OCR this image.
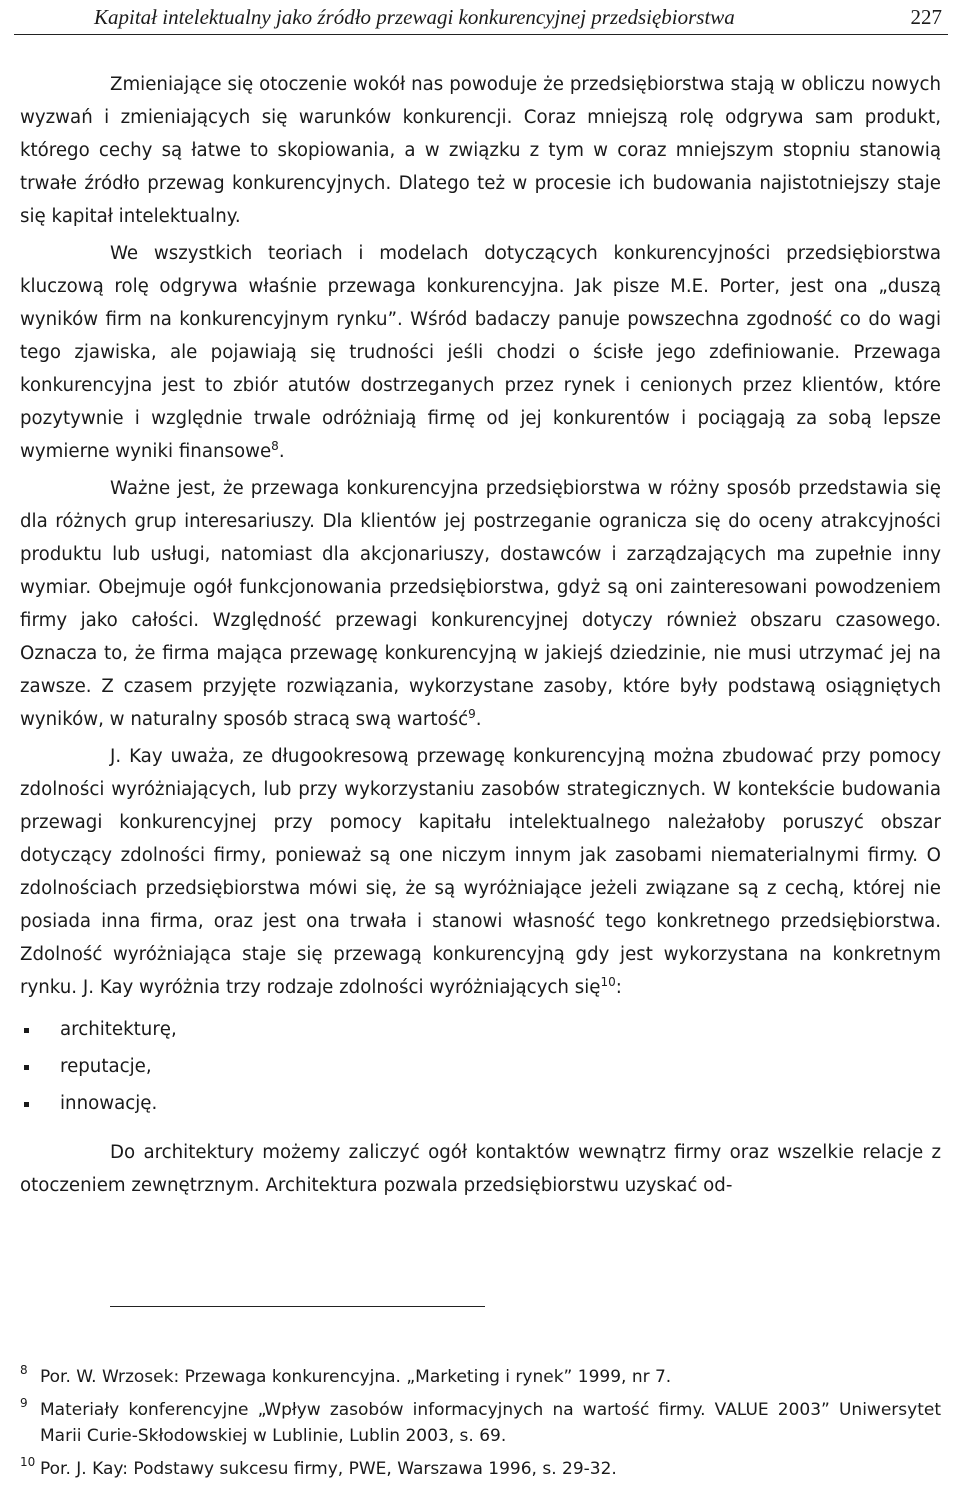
Kapitał intelektualny jako źródło przewagi konkurencyjnej przedsiębiorstwa	227

Zmieniające się otoczenie wokół nas powoduje że przedsiębiorstwa stają w obliczu nowych wyzwań i zmieniających się warunków konkurencji. Coraz mniejszą rolę odgrywa sam produkt, którego cechy są łatwe to skopiowania, a w związku z tym w coraz mniejszym stopniu stanowią trwałe źródło przewag konkurencyjnych. Dlatego też w procesie ich budowania najistotniejszy staje się kapitał intelektualny.

We wszystkich teoriach i modelach dotyczących konkurencyjności przedsiębiorstwa kluczową rolę odgrywa właśnie przewaga konkurencyjna. Jak pisze M.E. Porter, jest ona „duszą wyników firm na konkurencyjnym rynku”. Wśród badaczy panuje powszechna zgodność co do wagi tego zjawiska, ale pojawiają się trudności jeśli chodzi o ścisłe jego zdefiniowanie. Przewaga konkurencyjna jest to zbiór atutów dostrzeganych przez rynek i cenionych przez klientów, które pozytywnie i względnie trwale odróżniają firmę od jej konkurentów i pociągają za sobą lepsze wymierne wyniki finansowe$^8$.

Ważne jest, że przewaga konkurencyjna przedsiębiorstwa w różny sposób przedstawia się dla różnych grup interesariuszy. Dla klientów jej postrzeganie ogranicza się do oceny atrakcyjności produktu lub usługi, natomiast dla akcjonariuszy, dostawców i zarządzających ma zupełnie inny wymiar. Obejmuje ogół funkcjonowania przedsiębiorstwa, gdyż są oni zainteresowani powodzeniem firmy jako całości. Względność przewagi konkurencyjnej dotyczy również obszaru czasowego. Oznacza to, że firma mająca przewagę konkurencyjną w jakiejś dziedzinie, nie musi utrzymać jej na zawsze. Z czasem przyjęte rozwiązania, wykorzystane zasoby, które były podstawą osiągniętych wyników, w naturalny sposób stracą swą wartość$^9$.

J. Kay uważa, ze długookresową przewagę konkurencyjną można zbudować przy pomocy zdolności wyróżniających, lub przy wykorzystaniu zasobów strategicznych. W kontekście budowania przewagi konkurencyjnej przy pomocy kapitału intelektualnego należałoby poruszyć obszar dotyczący zdolności firmy, ponieważ są one niczym innym jak zasobami niematerialnymi firmy. O zdolnościach przedsiębiorstwa mówi się, że są wyróżniające jeżeli związane są z cechą, której nie posiada inna firma, oraz jest ona trwała i stanowi własność tego konkretnego przedsiębiorstwa. Zdolność wyróżniająca staje się przewagą konkurencyjną gdy jest wykorzystana na konkretnym rynku. J. Kay wyróżnia trzy rodzaje zdolności wyróżniających się$^{10}$:

architekturę,
reputacje,
innowację.

Do architektury możemy zaliczyć ogół kontaktów wewnątrz firmy oraz wszelkie relacje z otoczeniem zewnętrznym. Architektura pozwala przedsiębiorstwu uzyskać od-

8 Por. W. Wrzosek: Przewaga konkurencyjna. „Marketing i rynek” 1999, nr 7.
9 Materiały konferencyjne „Wpływ zasobów informacyjnych na wartość firmy. VALUE 2003” Uniwersytet Marii Curie-Skłodowskiej w Lublinie, Lublin 2003, s. 69.
10 Por. J. Kay: Podstawy sukcesu firmy, PWE, Warszawa 1996, s. 29-32.
